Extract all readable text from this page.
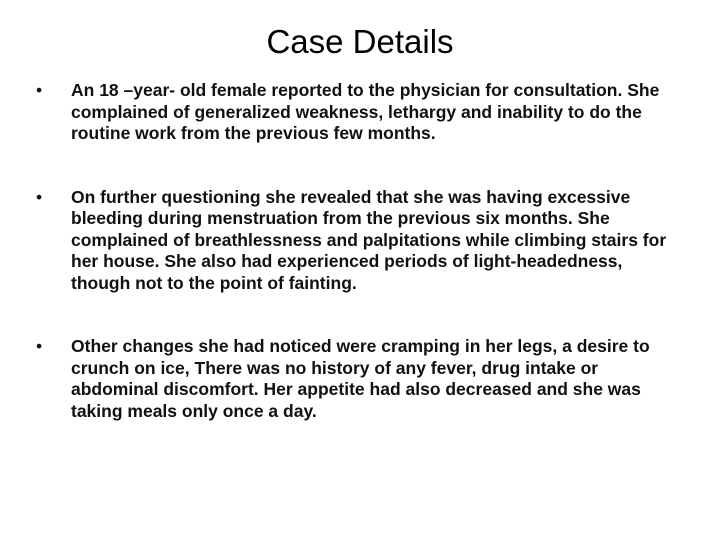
Case Details
• An 18 –year- old female reported to the physician for consultation. She complained of generalized weakness, lethargy and inability to do the routine work from the previous few months.
• On further questioning she revealed that she was having excessive bleeding during menstruation from the previous six months. She complained of breathlessness and palpitations while climbing stairs for her house. She also had experienced periods of light-headedness, though not to the point of fainting.
• Other changes she had noticed were cramping in her legs, a desire to crunch on ice, There was no history of any fever, drug intake or abdominal discomfort. Her appetite had also decreased and she was taking meals only once a day.
